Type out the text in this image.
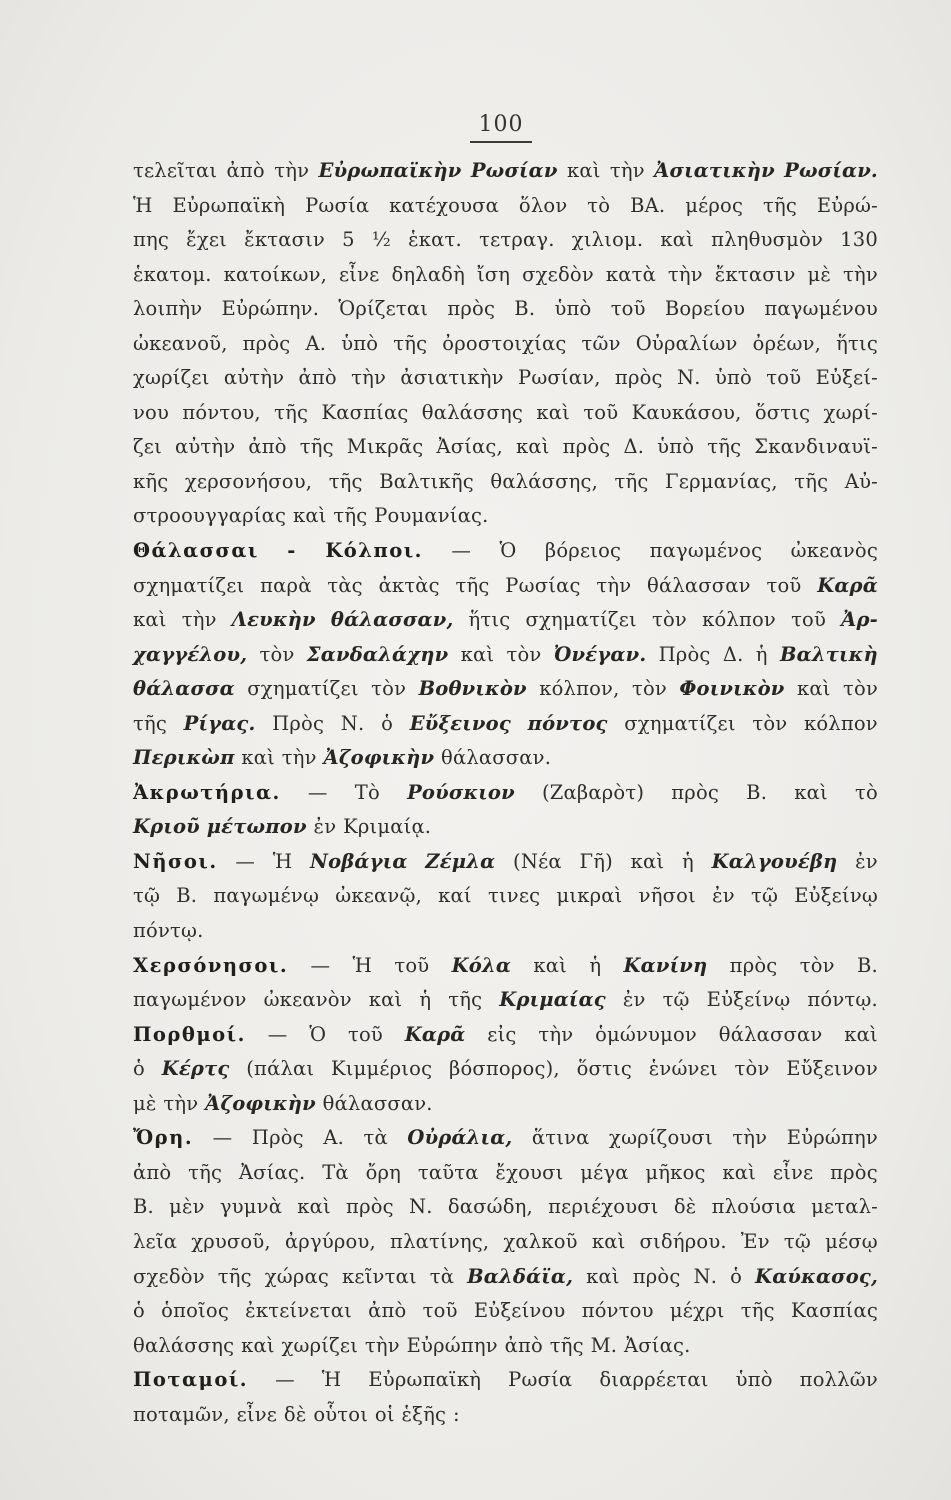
100
τελεῖται ἀπὸ τὴν Εὐρωπαϊκὴν Ρωσίαν καὶ τὴν Ἀσιατικὴν Ρωσίαν.
Ἡ Εὐρωπαϊκὴ Ρωσία κατέχουσα ὅλον τὸ ΒΑ. μέρος τῆς Εὐρώ-
πης ἔχει ἔκτασιν 5 ½ ἑκατ. τετραγ. χιλιομ. καὶ πληθυσμὸν 130
ἑκατομ. κατοίκων, εἶνε δηλαδὴ ἴση σχεδὸν κατὰ τὴν ἔκτασιν μὲ τὴν
λοιπὴν Εὐρώπην. Ὁρίζεται πρὸς Β. ὑπὸ τοῦ Βορείου παγωμένου
ὠκεανοῦ, πρὸς Α. ὑπὸ τῆς ὀροστοιχίας τῶν Οὐραλίων ὀρέων, ἥτις
χωρίζει αὐτὴν ἀπὸ τὴν ἀσιατικὴν Ρωσίαν, πρὸς Ν. ὑπὸ τοῦ Εὐξεί-
νου πόντου, τῆς Κασπίας θαλάσσης καὶ τοῦ Καυκάσου, ὅστις χωρί-
ζει αὐτὴν ἀπὸ τῆς Μικρᾶς Ἀσίας, καὶ πρὸς Δ. ὑπὸ τῆς Σκανδιναυϊ-
κῆς χερσονήσου, τῆς Βαλτικῆς θαλάσσης, τῆς Γερμανίας, τῆς Αὐ-
στροουγγαρίας καὶ τῆς Ρουμανίας.
Θάλασσαι - Κόλποι. — Ὁ βόρειος παγωμένος ὠκεανὸς
σχηματίζει παρὰ τὰς ἀκτὰς τῆς Ρωσίας τὴν θάλασσαν τοῦ Καρᾶ
καὶ τὴν Λευκὴν θάλασσαν, ἥτις σχηματίζει τὸν κόλπον τοῦ Ἀρ-
χαγγέλου, τὸν Σανδαλάχην καὶ τὸν Ὀνέγαν. Πρὸς Δ. ἡ Βαλτικὴ
θάλασσα σχηματίζει τὸν Βοθνικὸν κόλπον, τὸν Φοινικὸν καὶ τὸν
τῆς Ρίγας. Πρὸς Ν. ὁ Εὔξεινος πόντος σχηματίζει τὸν κόλπον
Περικὼπ καὶ τὴν Ἀζοφικὴν θάλασσαν.
Ἀκρωτήρια. — Τὸ Ρούσκιον (Ζαβαρὸτ) πρὸς Β. καὶ τὸ
Κριοῦ μέτωπον ἐν Κριμαίᾳ.
Νῆσοι. — Ἡ Νοβάγια Ζέμλα (Νέα Γῆ) καὶ ἡ Καλγουέβη ἐν
τῷ Β. παγωμένῳ ὠκεανῷ, καί τινες μικραὶ νῆσοι ἐν τῷ Εὐξείνῳ
πόντῳ.
Χερσόνησοι. — Ἡ τοῦ Κόλα καὶ ἡ Κανίνη πρὸς τὸν Β.
παγωμένον ὠκεανὸν καὶ ἡ τῆς Κριμαίας ἐν τῷ Εὐξείνῳ πόντῳ.
Πορθμοί. — Ὁ τοῦ Καρᾶ εἰς τὴν ὁμώνυμον θάλασσαν καὶ
ὁ Κέρτς (πάλαι Κιμμέριος βόσπορος), ὅστις ἑνώνει τὸν Εὔξεινον
μὲ τὴν Ἀζοφικὴν θάλασσαν.
Ὄρη. — Πρὸς Α. τὰ Οὐράλια, ἅτινα χωρίζουσι τὴν Εὐρώπην
ἀπὸ τῆς Ἀσίας. Τὰ ὄρη ταῦτα ἔχουσι μέγα μῆκος καὶ εἶνε πρὸς
Β. μὲν γυμνὰ καὶ πρὸς Ν. δασώδη, περιέχουσι δὲ πλούσια μεταλ-
λεῖα χρυσοῦ, ἀργύρου, πλατίνης, χαλκοῦ καὶ σιδήρου. Ἐν τῷ μέσῳ
σχεδὸν τῆς χώρας κεῖνται τὰ Βαλδάϊα, καὶ πρὸς Ν. ὁ Καύκασος,
ὁ ὁποῖος ἐκτείνεται ἀπὸ τοῦ Εὐξείνου πόντου μέχρι τῆς Κασπίας
θαλάσσης καὶ χωρίζει τὴν Εὐρώπην ἀπὸ τῆς Μ. Ἀσίας.
Ποταμοί. — Ἡ Εὐρωπαϊκὴ Ρωσία διαρρέεται ὑπὸ πολλῶν
ποταμῶν, εἶνε δὲ οὗτοι οἱ ἑξῆς :
